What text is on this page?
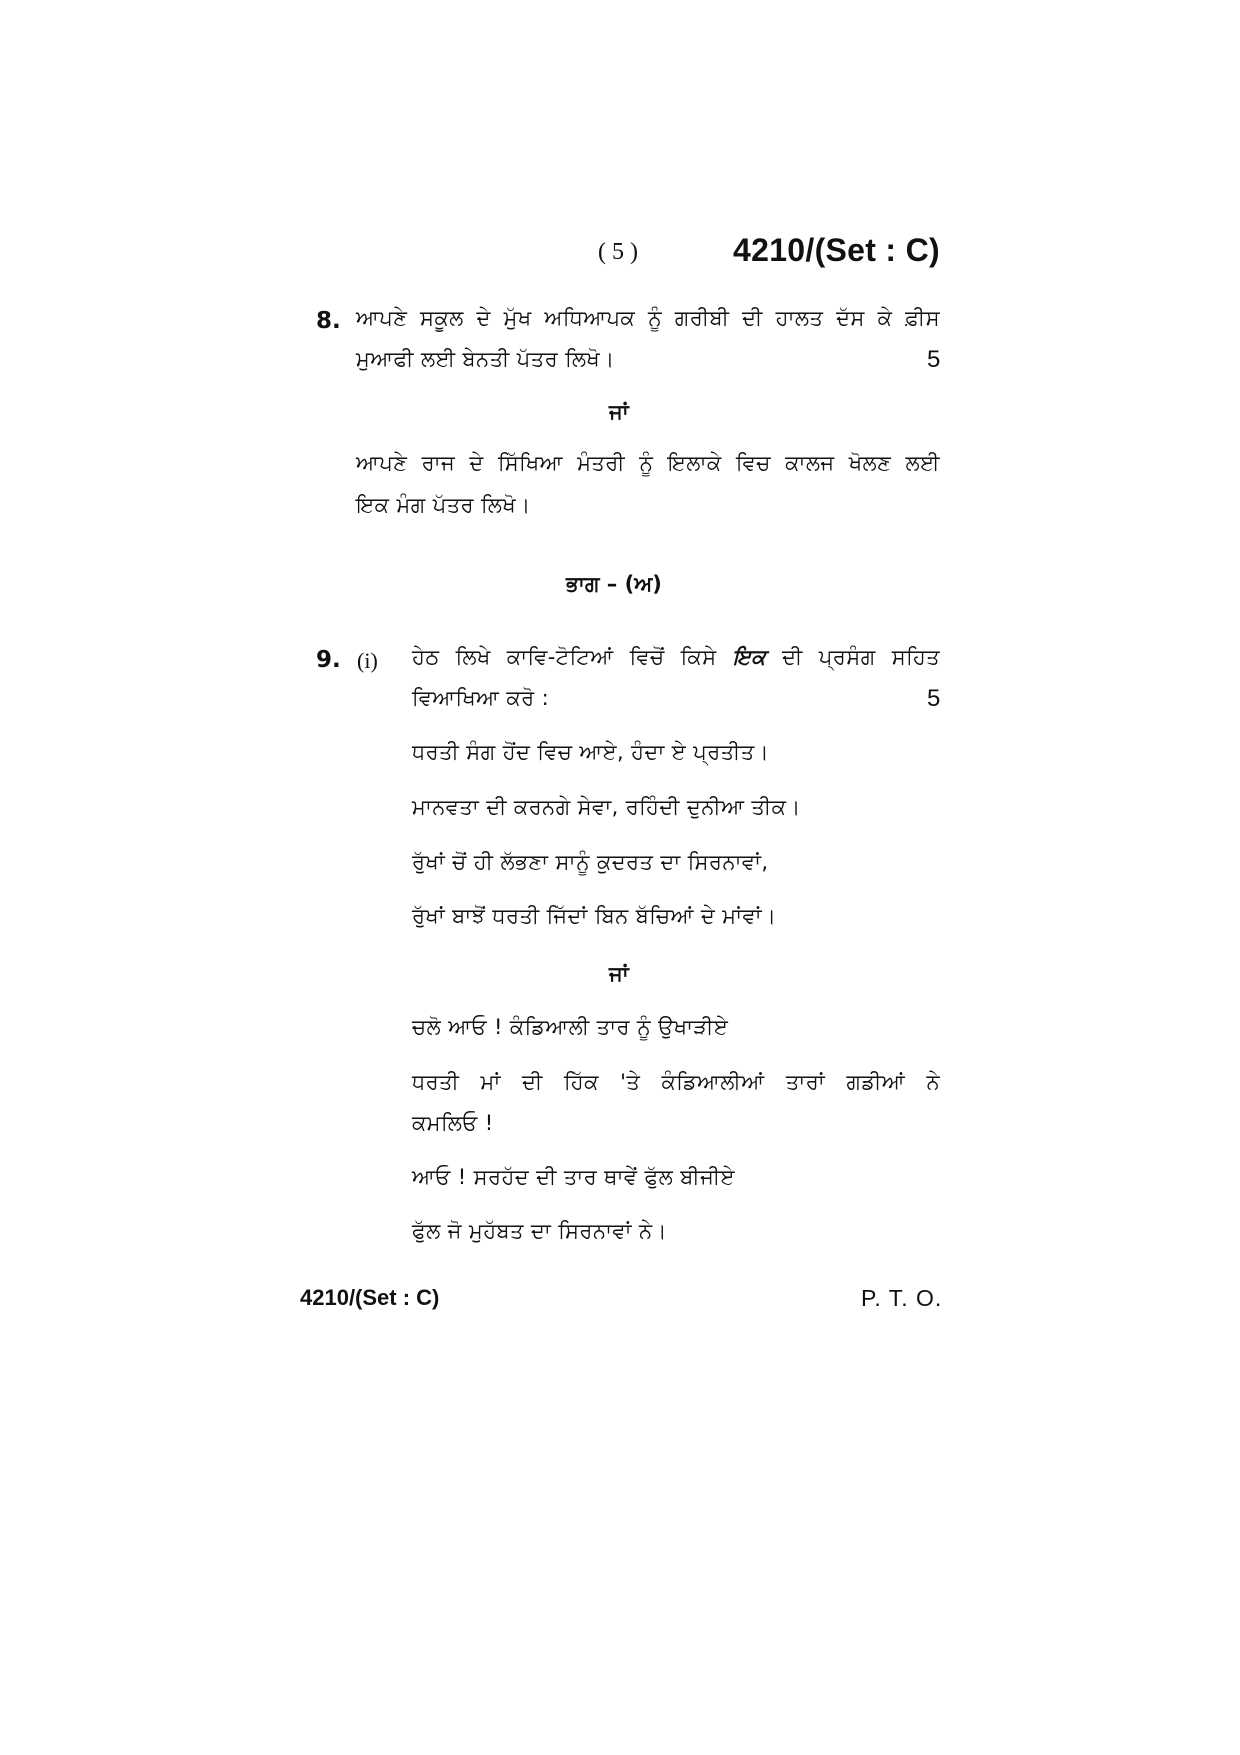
( 5 )	4210/(Set : C)
8. ਆਪਣੇ ਸਕੂਲ ਦੇ ਮੁੱਖ ਅਧਿਆਪਕ ਨੂੰ ਗਰੀਬੀ ਦੀ ਹਾਲਤ ਦੱਸ ਕੇ ਫ਼ੀਸ
ਮੁਆਫੀ ਲਈ ਬੇਨਤੀ ਪੱਤਰ ਲਿਖੋ।	5
ਜਾਂ
ਆਪਣੇ ਰਾਜ ਦੇ ਸਿੱਖਿਆ ਮੰਤਰੀ ਨੂੰ ਇਲਾਕੇ ਵਿਚ ਕਾਲਜ ਖੋਲਣ ਲਈ
ਇਕ ਮੰਗ ਪੱਤਰ ਲਿਖੋ।
ਭਾਗ – (ਅ)
9. (i) ਹੇਠ ਲਿਖੇ ਕਾਵਿ-ਟੋਟਿਆਂ ਵਿਚੋਂ ਕਿਸੇ ਇਕ ਦੀ ਪ੍ਰਸੰਗ ਸਹਿਤ
ਵਿਆਖਿਆ ਕਰੋ :	5
ਧਰਤੀ ਸੰਗ ਹੋਂਦ ਵਿਚ ਆਏ, ਹੰਦਾ ਏ ਪ੍ਰਤੀਤ।
ਮਾਨਵਤਾ ਦੀ ਕਰਨਗੇ ਸੇਵਾ, ਰਹਿੰਦੀ ਦੁਨੀਆ ਤੀਕ।
ਰੁੱਖਾਂ ਚੋਂ ਹੀ ਲੱਭਣਾ ਸਾਨੂੰ ਕੁਦਰਤ ਦਾ ਸਿਰਨਾਵਾਂ,
ਰੁੱਖਾਂ ਬਾਝੋਂ ਧਰਤੀ ਜਿੱਦਾਂ ਬਿਨ ਬੱਚਿਆਂ ਦੇ ਮਾਂਵਾਂ।
ਜਾਂ
ਚਲੋ ਆਓ ! ਕੰਡਿਆਲੀ ਤਾਰ ਨੂੰ ਉਖਾੜੀਏ
ਧਰਤੀ ਮਾਂ ਦੀ ਹਿੱਕ 'ਤੇ ਕੰਡਿਆਲੀਆਂ ਤਾਰਾਂ ਗਡੀਆਂ ਨੇ
ਕਮਲਿਓ !
ਆਓ ! ਸਰਹੱਦ ਦੀ ਤਾਰ ਥਾਵੇਂ ਫੁੱਲ ਬੀਜੀਏ
ਫੁੱਲ ਜੋ ਮੁਹੱਬਤ ਦਾ ਸਿਰਨਾਵਾਂ ਨੇ।
4210/(Set : C)	P. T. O.
